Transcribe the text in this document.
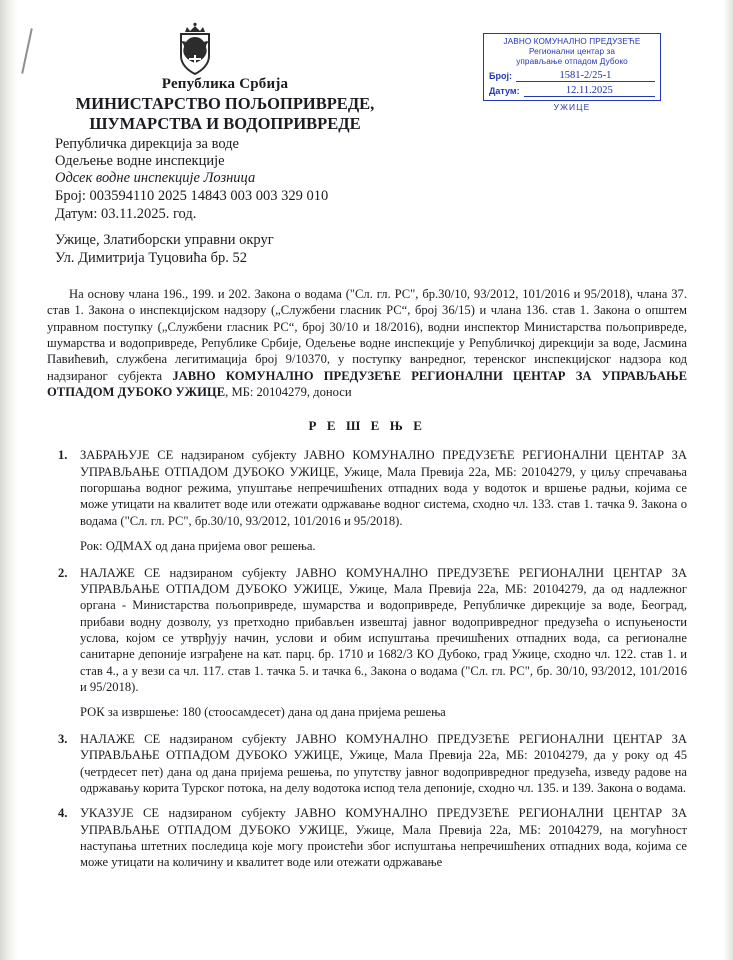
ЈАВНО КОМУНАЛНО ПРЕДУЗЕЋЕ
Регионални центар за
управљање отпадом Дубоко
Број:	1581-2/25-1
Датум:	12.11.2025
УЖИЦЕ
Република Србија
МИНИСТАРСТВО ПОЉОПРИВРЕДЕ,
ШУМАРСТВА И ВОДОПРИВРЕДЕ
Републичка дирекција за воде
Одељење водне инспекције
Одсек водне инспекције Лозница
Број: 003594110 2025 14843 003 003 329 010
Датум: 03.11.2025. год.
Ужице, Златиборски управни округ
Ул. Димитрија Туцовића бр. 52

На основу члана 196., 199. и 202. Закона о водама ("Сл. гл. РС", бр.30/10, 93/2012, 101/2016 и 95/2018), члана 37. став 1. Закона о инспекцијском надзору („Службени гласник РС“, број 36/15) и члана 136. став 1. Закона о општем управном поступку („Службени гласник РС“, број 30/10 и 18/2016), водни инспектор Министарства пољопривреде, шумарства и водопривреде, Републике Србије, Одељење водне инспекције у Републичкој дирекцији за воде, Јасмина Павићевић, службена легитимација број 9/10370, у поступку ванредног, теренског инспекцијског надзора код надзираног субјекта ЈАВНО КОМУНАЛНО ПРЕДУЗЕЋЕ РЕГИОНАЛНИ ЦЕНТАР ЗА УПРАВЉАЊЕ ОТПАДОМ ДУБОКО УЖИЦЕ, МБ: 20104279, доноси

Р Е Ш Е Њ Е
1. ЗАБРАЊУЈЕ СЕ надзираном субјекту ЈАВНО КОМУНАЛНО ПРЕДУЗЕЋЕ РЕГИОНАЛНИ ЦЕНТАР ЗА УПРАВЉАЊЕ ОТПАДОМ ДУБОКО УЖИЦЕ, Ужице, Мала Превија 22а, МБ: 20104279, у циљу спречавања погоршања водног режима, упуштање непречишћених отпадних вода у водоток и вршење радњи, којима се може утицати на квалитет воде или отежати одржавање водног система, сходно чл. 133. став 1. тачка 9. Закона о водама ("Сл. гл. РС", бр.30/10, 93/2012, 101/2016 и 95/2018).

Рок: ОДМАХ од дана пријема овог решења.
2. НАЛАЖЕ СЕ надзираном субјекту ЈАВНО КОМУНАЛНО ПРЕДУЗЕЋЕ РЕГИОНАЛНИ ЦЕНТАР ЗА УПРАВЉАЊЕ ОТПАДОМ ДУБОКО УЖИЦЕ, Ужице, Мала Превија 22а, МБ: 20104279, да од надлежног органа - Министарства пољопривреде, шумарства и водопривреде, Републичке дирекције за воде, Београд, прибави водну дозволу, уз претходно прибављен извештај јавног водопривредног предузећа о испуњености услова, којом се утврђују начин, услови и обим испуштања пречишћених отпадних вода, са регионалне санитарне депоније изграђене на кат. парц. бр. 1710 и 1682/3 КО Дубоко, град Ужице, сходно чл. 122. став 1. и став 4., а у вези са чл. 117. став 1. тачка 5. и тачка 6., Закона о водама ("Сл. гл. РС", бр. 30/10, 93/2012, 101/2016 и 95/2018).

РОК за извршење: 180 (стоосамдесет) дана од дана пријема решења
3. НАЛАЖЕ СЕ надзираном субјекту ЈАВНО КОМУНАЛНО ПРЕДУЗЕЋЕ РЕГИОНАЛНИ ЦЕНТАР ЗА УПРАВЉАЊЕ ОТПАДОМ ДУБОКО УЖИЦЕ, Ужице, Мала Превија 22а, МБ: 20104279, да у року од 45 (четрдесет пет) дана од дана пријема решења, по упутству јавног водопривредног предузећа, изведу радове на одржавању корита Турског потока, на делу водотока испод тела депоније, сходно чл. 135. и 139. Закона о водама.

4. УКАЗУЈЕ СЕ надзираном субјекту ЈАВНО КОМУНАЛНО ПРЕДУЗЕЋЕ РЕГИОНАЛНИ ЦЕНТАР ЗА УПРАВЉАЊЕ ОТПАДОМ ДУБОКО УЖИЦЕ, Ужице, Мала Превија 22а, МБ: 20104279, на могућност наступања штетних последица које могу проистећи због испуштања непречишћених отпадних вода, којима се може утицати на количину и квалитет воде или отежати одржавање
